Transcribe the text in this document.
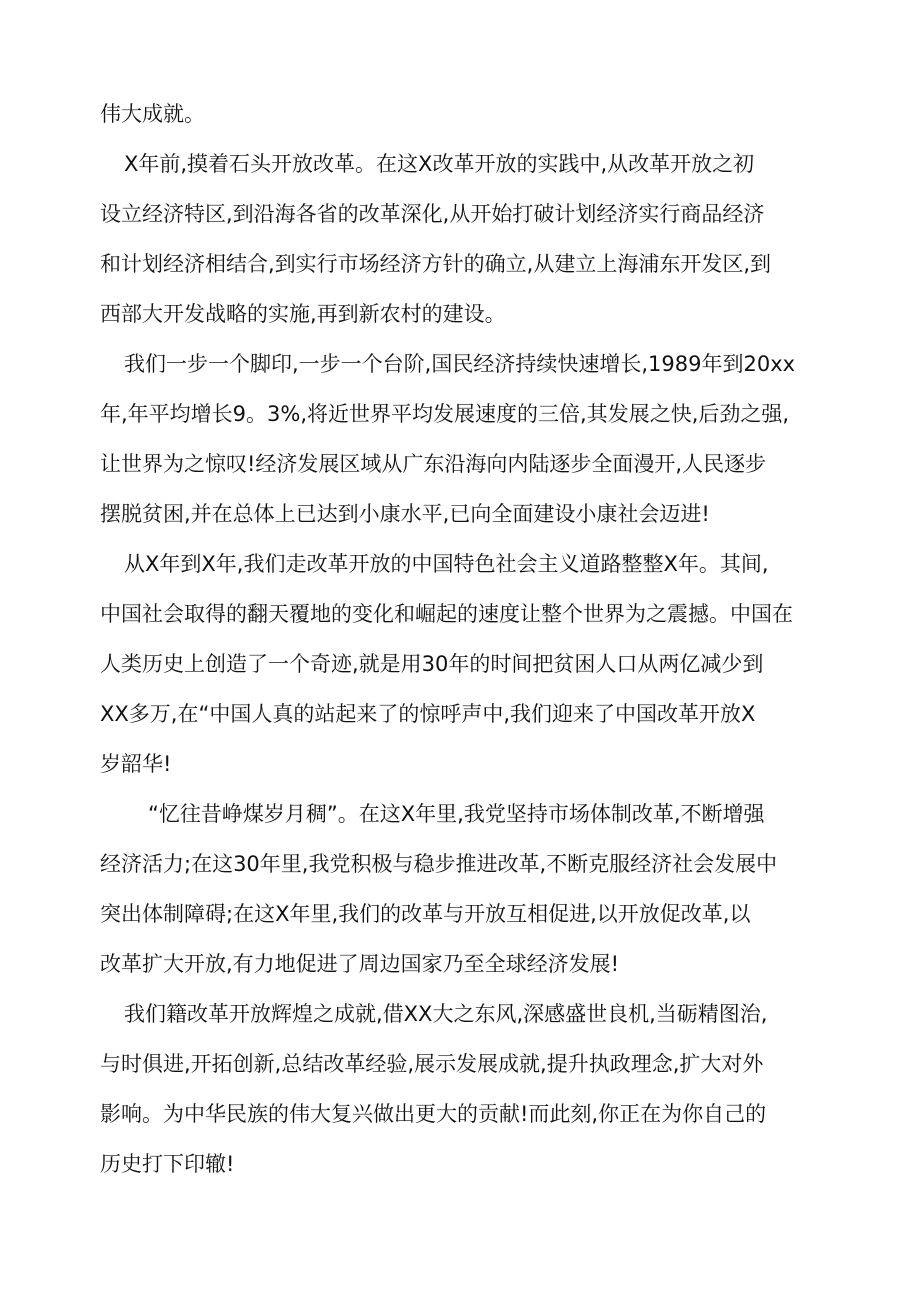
伟大成就。
X年前,摸着石头开放改革。在这X改革开放的实践中,从改革开放之初
设立经济特区,到沿海各省的改革深化,从开始打破计划经济实行商品经济
和计划经济相结合,到实行市场经济方针的确立,从建立上海浦东开发区,到
西部大开发战略的实施,再到新农村的建设。
我们一步一个脚印,一步一个台阶,国民经济持续快速增长,1989年到20xx
年,年平均增长9。3%,将近世界平均发展速度的三倍,其发展之快,后劲之强,
让世界为之惊叹!经济发展区域从广东沿海向内陆逐步全面漫开,人民逐步
摆脱贫困,并在总体上已达到小康水平,已向全面建设小康社会迈进!
从X年到X年,我们走改革开放的中国特色社会主义道路整整X年。其间,
中国社会取得的翻天覆地的变化和崛起的速度让整个世界为之震撼。中国在
人类历史上创造了一个奇迹,就是用30年的时间把贫困人口从两亿减少到
XX多万,在“中国人真的站起来了的惊呼声中,我们迎来了中国改革开放X
岁韶华!
“忆往昔峥煤岁月稠”。在这X年里,我党坚持市场体制改革,不断增强
经济活力;在这30年里,我党积极与稳步推进改革,不断克服经济社会发展中
突出体制障碍;在这X年里,我们的改革与开放互相促进,以开放促改革,以
改革扩大开放,有力地促进了周边国家乃至全球经济发展!
我们籍改革开放辉煌之成就,借XX大之东风,深感盛世良机,当砺精图治,
与时俱进,开拓创新,总结改革经验,展示发展成就,提升执政理念,扩大对外
影响。为中华民族的伟大复兴做出更大的贡献!而此刻,你正在为你自己的
历史打下印辙!
